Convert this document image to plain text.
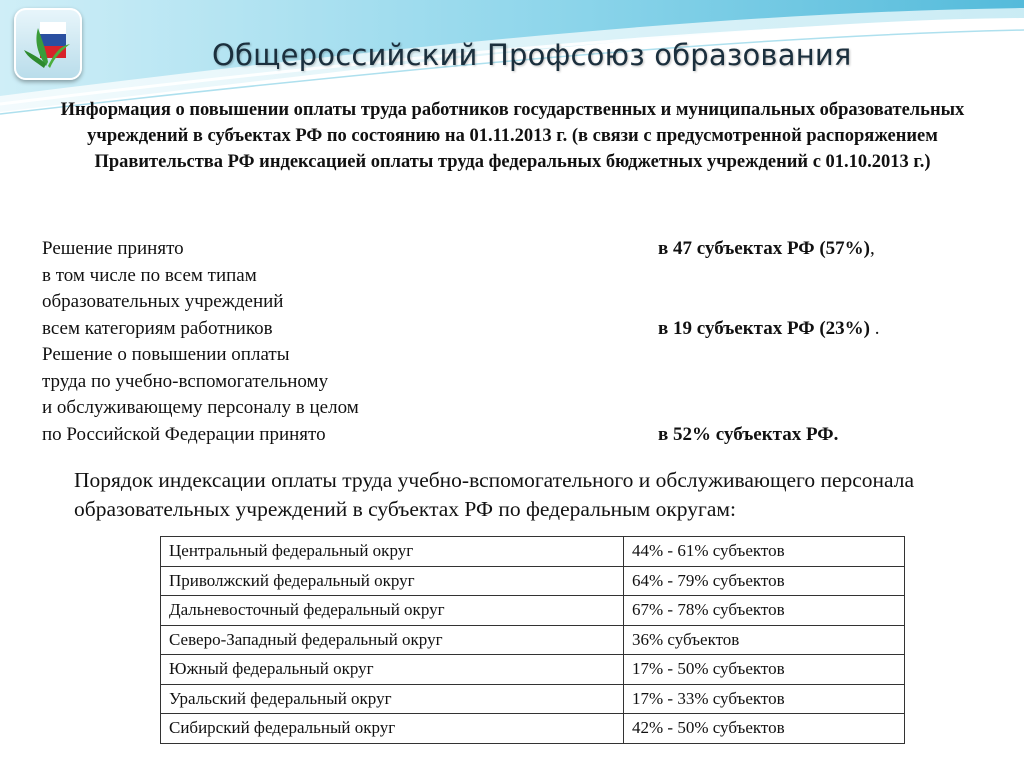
Общероссийский Профсоюз образования
Информация о повышении оплаты труда работников государственных и муниципальных образовательных учреждений в субъектах РФ по состоянию на 01.11.2013 г. (в связи с предусмотренной распоряжением Правительства РФ индексацией оплаты труда федеральных бюджетных учреждений с 01.10.2013 г.)
Решение принято	в 47 субъектах РФ (57%),
в том числе по всем типам
образовательных учреждений
всем категориям работников	в 19 субъектах РФ (23%) .
Решение о повышении оплаты
труда по учебно-вспомогательному
и обслуживающему персоналу в целом
по Российской Федерации принято	в 52% субъектах РФ.
Порядок индексации оплаты труда учебно-вспомогательного и обслуживающего персонала образовательных учреждений в субъектах РФ по федеральным округам:
Центральный федеральный округ	44% - 61% субъектов
Приволжский федеральный округ	64% - 79% субъектов
Дальневосточный федеральный округ	67% - 78% субъектов
Северо-Западный федеральный округ	36% субъектов
Южный федеральный округ	17% - 50% субъектов
Уральский федеральный округ	17% - 33% субъектов
Сибирский федеральный округ	42% - 50% субъектов
